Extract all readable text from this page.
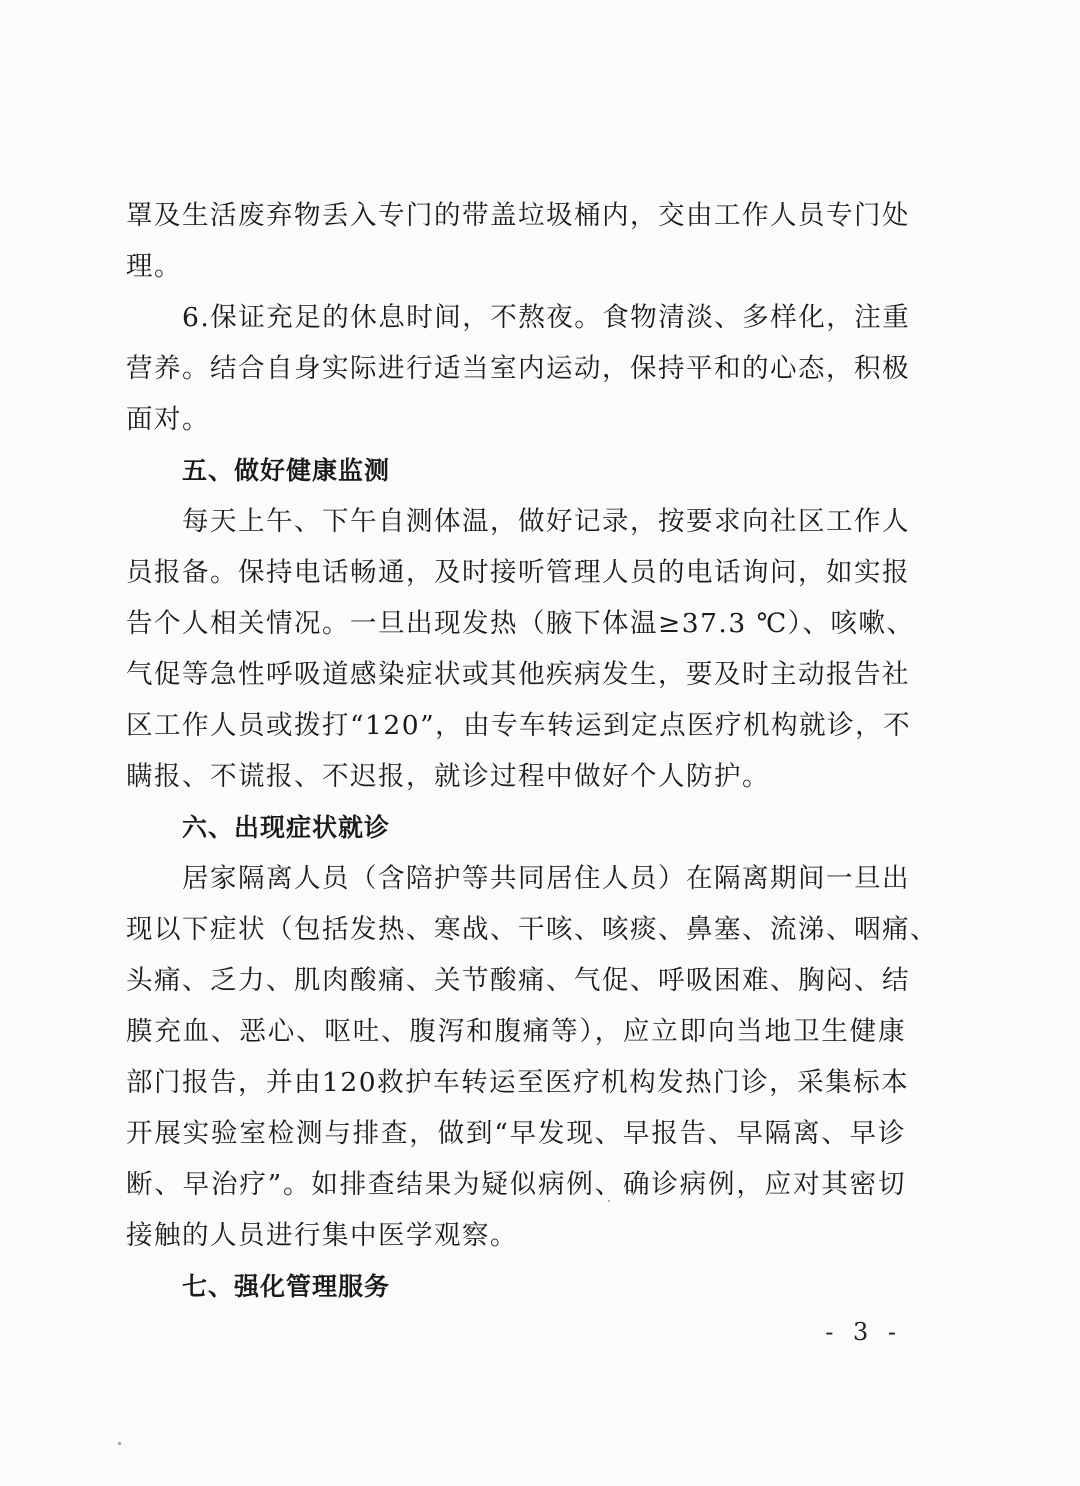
罩及生活废弃物丢入专门的带盖垃圾桶内，交由工作人员专门处
理。
6.保证充足的休息时间，不熬夜。食物清淡、多样化，注重
营养。结合自身实际进行适当室内运动，保持平和的心态，积极
面对。
五、做好健康监测
每天上午、下午自测体温，做好记录，按要求向社区工作人
员报备。保持电话畅通，及时接听管理人员的电话询问，如实报
告个人相关情况。一旦出现发热（腋下体温≥37.3 ℃）、咳嗽、
气促等急性呼吸道感染症状或其他疾病发生，要及时主动报告社
区工作人员或拨打“120”，由专车转运到定点医疗机构就诊，不
瞒报、不谎报、不迟报，就诊过程中做好个人防护。
六、出现症状就诊
居家隔离人员（含陪护等共同居住人员）在隔离期间一旦出
现以下症状（包括发热、寒战、干咳、咳痰、鼻塞、流涕、咽痛、
头痛、乏力、肌肉酸痛、关节酸痛、气促、呼吸困难、胸闷、结
膜充血、恶心、呕吐、腹泻和腹痛等），应立即向当地卫生健康
部门报告，并由120救护车转运至医疗机构发热门诊，采集标本
开展实验室检测与排查，做到“早发现、早报告、早隔离、早诊
断、早治疗”。如排查结果为疑似病例、确诊病例，应对其密切
接触的人员进行集中医学观察。
七、强化管理服务
- 3 -
